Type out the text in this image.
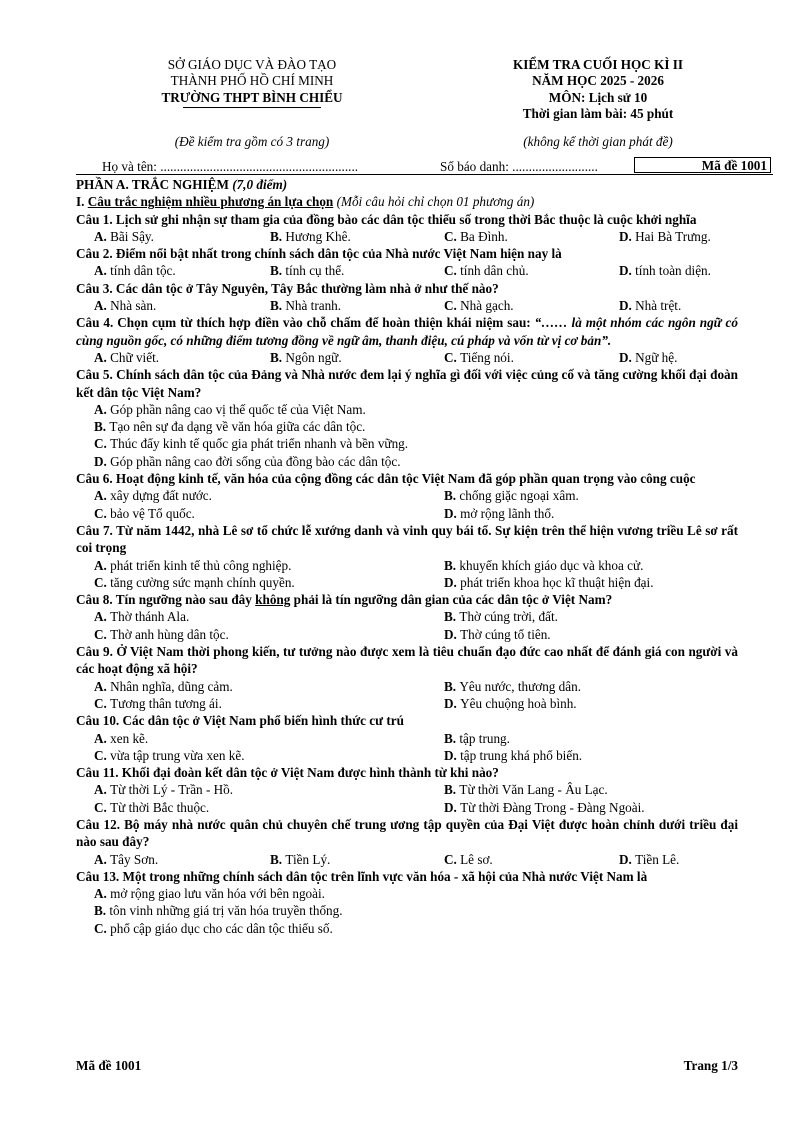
SỞ GIÁO DỤC VÀ ĐÀO TẠO
THÀNH PHỐ HỒ CHÍ MINH
TRƯỜNG THPT BÌNH CHIỂU
KIỂM TRA CUỐI HỌC KÌ II
NĂM HỌC 2025 - 2026
MÔN: Lịch sử 10
Thời gian làm bài: 45 phút
(Đề kiểm tra gồm có 3 trang)	(không kể thời gian phát đề)
Họ và tên: ............................................................	Số báo danh: ..........................	Mã đề 1001

PHẦN A. TRẮC NGHIỆM (7,0 điểm)

I. Câu trắc nghiệm nhiều phương án lựa chọn (Mỗi câu hỏi chỉ chọn 01 phương án)

Câu 1. Lịch sử ghi nhận sự tham gia của đồng bào các dân tộc thiểu số trong thời Bắc thuộc là cuộc khởi nghĩa

A. Bãi Sậy.	B. Hương Khê.	C. Ba Đình.	D. Hai Bà Trưng.

Câu 2. Điểm nổi bật nhất trong chính sách dân tộc của Nhà nước Việt Nam hiện nay là

A. tính dân tộc.	B. tính cụ thể.	C. tính dân chủ.	D. tính toàn diện.

Câu 3. Các dân tộc ở Tây Nguyên, Tây Bắc thường làm nhà ở như thế nào?

A. Nhà sàn.	B. Nhà tranh.	C. Nhà gạch.	D. Nhà trệt.

Câu 4. Chọn cụm từ thích hợp điền vào chỗ chấm để hoàn thiện khái niệm sau: “…… là một nhóm các ngôn ngữ có cùng nguồn gốc, có những điểm tương đồng về ngữ âm, thanh điệu, cú pháp và vốn từ vị cơ bản”.

A. Chữ viết.	B. Ngôn ngữ.	C. Tiếng nói.	D. Ngữ hệ.

Câu 5. Chính sách dân tộc của Đảng và Nhà nước đem lại ý nghĩa gì đối với việc củng cố và tăng cường khối đại đoàn kết dân tộc Việt Nam?

A. Góp phần nâng cao vị thế quốc tế của Việt Nam.
B. Tạo nên sự đa dạng về văn hóa giữa các dân tộc.
C. Thúc đẩy kinh tế quốc gia phát triển nhanh và bền vững.
D. Góp phần nâng cao đời sống của đồng bào các dân tộc.

Câu 6. Hoạt động kinh tế, văn hóa của cộng đồng các dân tộc Việt Nam đã góp phần quan trọng vào công cuộc

A. xây dựng đất nước.	B. chống giặc ngoại xâm.
C. bảo vệ Tổ quốc.	D. mở rộng lãnh thổ.

Câu 7. Từ năm 1442, nhà Lê sơ tổ chức lễ xướng danh và vinh quy bái tổ. Sự kiện trên thể hiện vương triều Lê sơ rất coi trọng

A. phát triển kinh tế thủ công nghiệp.	B. khuyến khích giáo dục và khoa cử.
C. tăng cường sức mạnh chính quyền.	D. phát triển khoa học kĩ thuật hiện đại.

Câu 8. Tín ngưỡng nào sau đây không phải là tín ngưỡng dân gian của các dân tộc ở Việt Nam?

A. Thờ thánh Ala.	B. Thờ cúng trời, đất.
C. Thờ anh hùng dân tộc.	D. Thờ cúng tổ tiên.

Câu 9. Ở Việt Nam thời phong kiến, tư tưởng nào được xem là tiêu chuẩn đạo đức cao nhất để đánh giá con người và các hoạt động xã hội?

A. Nhân nghĩa, dũng cảm.	B. Yêu nước, thương dân.
C. Tương thân tương ái.	D. Yêu chuộng hoà bình.

Câu 10. Các dân tộc ở Việt Nam phổ biến hình thức cư trú

A. xen kẽ.	B. tập trung.
C. vừa tập trung vừa xen kẽ.	D. tập trung khá phổ biến.

Câu 11. Khối đại đoàn kết dân tộc ở Việt Nam được hình thành từ khi nào?

A. Từ thời Lý - Trần - Hồ.	B. Từ thời Văn Lang - Âu Lạc.
C. Từ thời Bắc thuộc.	D. Từ thời Đàng Trong - Đàng Ngoài.

Câu 12. Bộ máy nhà nước quân chủ chuyên chế trung ương tập quyền của Đại Việt được hoàn chỉnh dưới triều đại nào sau đây?

A. Tây Sơn.	B. Tiền Lý.	C. Lê sơ.	D. Tiền Lê.

Câu 13. Một trong những chính sách dân tộc trên lĩnh vực văn hóa - xã hội của Nhà nước Việt Nam là

A. mở rộng giao lưu văn hóa với bên ngoài.
B. tôn vinh những giá trị văn hóa truyền thống.
C. phổ cập giáo dục cho các dân tộc thiểu số.
Mã đề 1001	Trang 1/3
